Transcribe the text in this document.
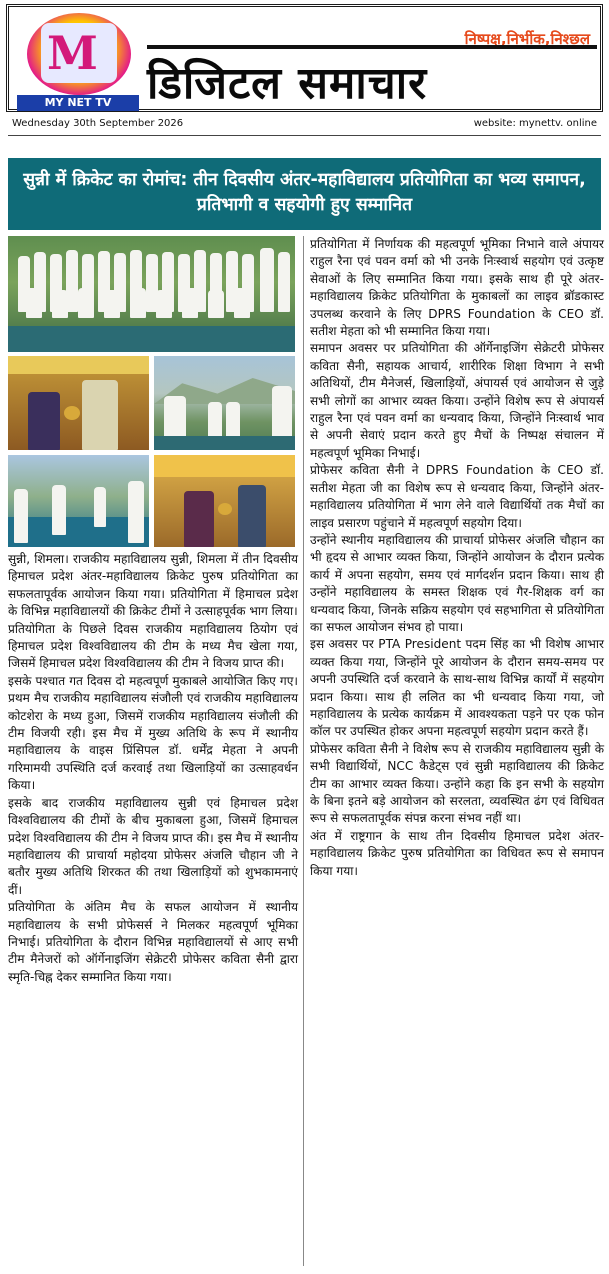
M
MY NET TV
निष्पक्ष,निर्भीक,निश्छल
डिजिटल समाचार
Wednesday 30th September 2026	website: mynettv. online
सुन्नी में क्रिकेट का रोमांच: तीन दिवसीय अंतर-महाविद्यालय प्रतियोगिता का भव्य समापन, प्रतिभागी व सहयोगी हुए सम्मानित

सुन्नी, शिमला। राजकीय महाविद्यालय सुन्नी, शिमला में तीन दिवसीय हिमाचल प्रदेश अंतर-महाविद्यालय क्रिकेट पुरुष प्रतियोगिता का सफलतापूर्वक आयोजन किया गया। प्रतियोगिता में हिमाचल प्रदेश के विभिन्न महाविद्यालयों की क्रिकेट टीमों ने उत्साहपूर्वक भाग लिया।

प्रतियोगिता के पिछले दिवस राजकीय महाविद्यालय ठियोग एवं हिमाचल प्रदेश विश्वविद्यालय की टीम के मध्य मैच खेला गया, जिसमें हिमाचल प्रदेश विश्वविद्यालय की टीम ने विजय प्राप्त की।

इसके पश्चात गत दिवस दो महत्वपूर्ण मुकाबले आयोजित किए गए। प्रथम मैच राजकीय महाविद्यालय संजौली एवं राजकीय महाविद्यालय कोटशेरा के मध्य हुआ, जिसमें राजकीय महाविद्यालय संजौली की टीम विजयी रही। इस मैच में मुख्य अतिथि के रूप में स्थानीय महाविद्यालय के वाइस प्रिंसिपल डॉ. धर्मेंद्र मेहता ने अपनी गरिमामयी उपस्थिति दर्ज करवाई तथा खिलाड़ियों का उत्साहवर्धन किया।

इसके बाद राजकीय महाविद्यालय सुन्नी एवं हिमाचल प्रदेश विश्वविद्यालय की टीमों के बीच मुकाबला हुआ, जिसमें हिमाचल प्रदेश विश्वविद्यालय की टीम ने विजय प्राप्त की। इस मैच में स्थानीय महाविद्यालय की प्राचार्या महोदया प्रोफेसर अंजलि चौहान जी ने बतौर मुख्य अतिथि शिरकत की तथा खिलाड़ियों को शुभकामनाएं दीं।

प्रतियोगिता के अंतिम मैच के सफल आयोजन में स्थानीय महाविद्यालय के सभी प्रोफेसर्स ने मिलकर महत्वपूर्ण भूमिका निभाई। प्रतियोगिता के दौरान विभिन्न महाविद्यालयों से आए सभी टीम मैनेजरों को ऑर्गेनाइजिंग सेक्रेटरी प्रोफेसर कविता सैनी द्वारा स्मृति-चिह्न देकर सम्मानित किया गया।

प्रतियोगिता में निर्णायक की महत्वपूर्ण भूमिका निभाने वाले अंपायर राहुल रैना एवं पवन वर्मा को भी उनके निःस्वार्थ सहयोग एवं उत्कृष्ट सेवाओं के लिए सम्मानित किया गया। इसके साथ ही पूरे अंतर-महाविद्यालय क्रिकेट प्रतियोगिता के मुकाबलों का लाइव ब्रॉडकास्ट उपलब्ध करवाने के लिए DPRS Foundation के CEO डॉ. सतीश मेहता को भी सम्मानित किया गया।

समापन अवसर पर प्रतियोगिता की ऑर्गेनाइजिंग सेक्रेटरी प्रोफेसर कविता सैनी, सहायक आचार्य, शारीरिक शिक्षा विभाग ने सभी अतिथियों, टीम मैनेजर्स, खिलाड़ियों, अंपायर्स एवं आयोजन से जुड़े सभी लोगों का आभार व्यक्त किया। उन्होंने विशेष रूप से अंपायर्स राहुल रैना एवं पवन वर्मा का धन्यवाद किया, जिन्होंने निःस्वार्थ भाव से अपनी सेवाएं प्रदान करते हुए मैचों के निष्पक्ष संचालन में महत्वपूर्ण भूमिका निभाई।

प्रोफेसर कविता सैनी ने DPRS Foundation के CEO डॉ. सतीश मेहता जी का विशेष रूप से धन्यवाद किया, जिन्होंने अंतर-महाविद्यालय प्रतियोगिता में भाग लेने वाले विद्यार्थियों तक मैचों का लाइव प्रसारण पहुंचाने में महत्वपूर्ण सहयोग दिया।

उन्होंने स्थानीय महाविद्यालय की प्राचार्या प्रोफेसर अंजलि चौहान का भी हृदय से आभार व्यक्त किया, जिन्होंने आयोजन के दौरान प्रत्येक कार्य में अपना सहयोग, समय एवं मार्गदर्शन प्रदान किया। साथ ही उन्होंने महाविद्यालय के समस्त शिक्षक एवं गैर-शिक्षक वर्ग का धन्यवाद किया, जिनके सक्रिय सहयोग एवं सहभागिता से प्रतियोगिता का सफल आयोजन संभव हो पाया।

इस अवसर पर PTA President पदम सिंह का भी विशेष आभार व्यक्त किया गया, जिन्होंने पूरे आयोजन के दौरान समय-समय पर अपनी उपस्थिति दर्ज करवाने के साथ-साथ विभिन्न कार्यों में सहयोग प्रदान किया। साथ ही ललित का भी धन्यवाद किया गया, जो महाविद्यालय के प्रत्येक कार्यक्रम में आवश्यकता पड़ने पर एक फोन कॉल पर उपस्थित होकर अपना महत्वपूर्ण सहयोग प्रदान करते हैं।

प्रोफेसर कविता सैनी ने विशेष रूप से राजकीय महाविद्यालय सुन्नी के सभी विद्यार्थियों, NCC कैडेट्स एवं सुन्नी महाविद्यालय की क्रिकेट टीम का आभार व्यक्त किया। उन्होंने कहा कि इन सभी के सहयोग के बिना इतने बड़े आयोजन को सरलता, व्यवस्थित ढंग एवं विधिवत रूप से सफलतापूर्वक संपन्न करना संभव नहीं था।

अंत में राष्ट्रगान के साथ तीन दिवसीय हिमाचल प्रदेश अंतर-महाविद्यालय क्रिकेट पुरुष प्रतियोगिता का विधिवत रूप से समापन किया गया।
